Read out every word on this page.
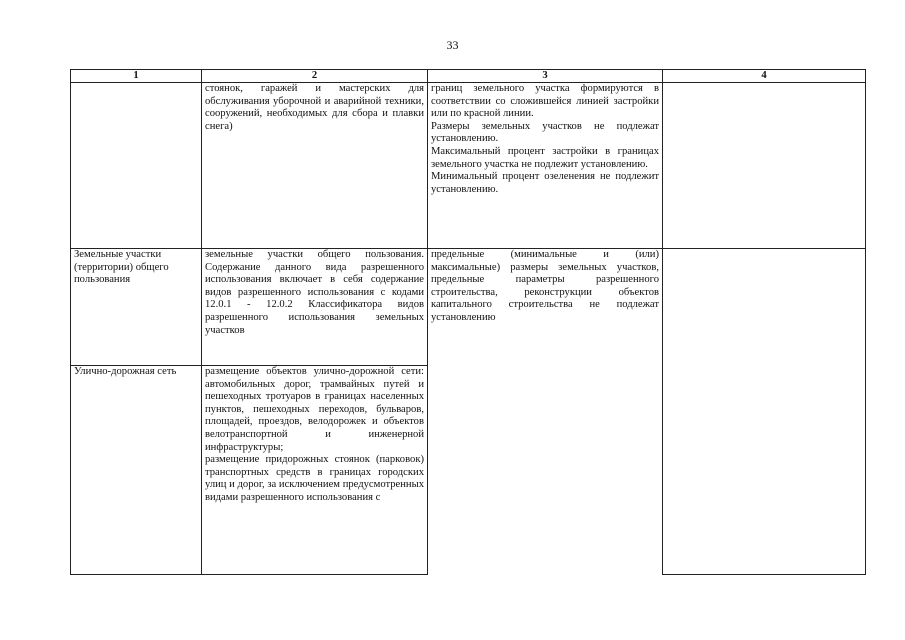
33
1	2	3	4

	стоянок, гаражей и мастерских для обслуживания уборочной и аварийной техники, сооружений, необходимых для сбора и плавки снега)	границ земельного участка формируются в соответствии со сложившейся линией застройки или по красной линии.
Размеры земельных участков не подлежат установлению.
Максимальный процент застройки в границах земельного участка не подлежит установлению.
Минимальный процент озеленения не подлежит установлению.	

Земельные участки (территории) общего пользования	земельные участки общего пользования. Содержание данного вида разрешенного использования включает в себя содержание видов разрешенного использования с кодами 12.0.1 - 12.0.2 Классификатора видов разрешенного использования земельных участков	предельные (минимальные и (или) максимальные) размеры земельных участков, предельные параметры разрешенного строительства, реконструкции объектов капитального строительства не подлежат установлению	

Улично-дорожная сеть	размещение объектов улично-дорожной сети: автомобильных дорог, трамвайных путей и пешеходных тротуаров в границах населенных пунктов, пешеходных переходов, бульваров, площадей, проездов, велодорожек и объектов велотранспортной и инженерной инфраструктуры;
размещение придорожных стоянок (парковок) транспортных средств в границах городских улиц и дорог, за исключением предусмотренных видами разрешенного использования с		
